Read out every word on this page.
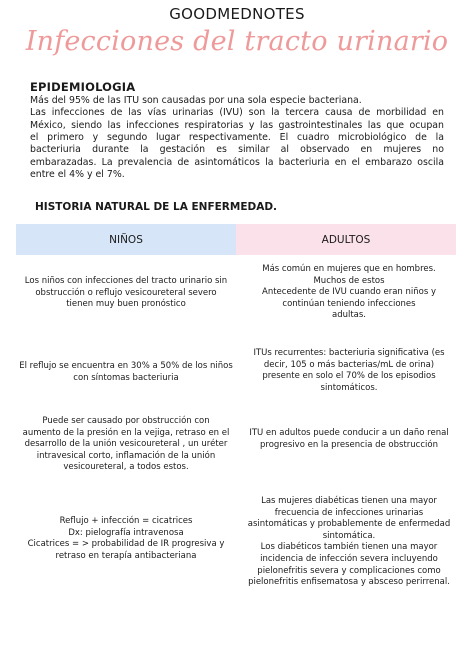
GOODMEDNOTES
Infecciones del tracto urinario
EPIDEMIOLOGIA
Más del 95% de las ITU son causadas por una sola especie bacteriana.
Las infecciones de las vías urinarias (IVU) son la tercera causa de morbilidad en
México, siendo las infecciones respiratorias y las gastrointestinales las que ocupan
el primero y segundo lugar respectivamente. El cuadro microbiológico de la
bacteriuria durante la gestación es similar al observado en mujeres no
embarazadas. La prevalencia de asintomáticos la bacteriuria en el embarazo oscila
entre el 4% y el 7%.
HISTORIA NATURAL DE LA ENFERMEDAD.
NIÑOS	ADULTOS
Los niños con infecciones del tracto urinario sin
obstrucción o reflujo vesicoureteral severo
tienen muy buen pronóstico
El reflujo se encuentra en 30% a 50% de los niños
con síntomas bacteriuria
Puede ser causado por obstrucción con
aumento de la presión en la vejiga, retraso en el
desarrollo de la unión vesicoureteral , un uréter
intravesical corto, inflamación de la unión
vesicoureteral, a todos estos.
Reflujo + infección = cicatrices
Dx: pielografía intravenosa
Cicatrices = > probabilidad de IR progresiva y
retraso en terapía antibacteriana
Más común en mujeres que en hombres.
Muchos de estos
Antecedente de IVU cuando eran niños y
continúan teniendo infecciones
adultas.
ITUs recurrentes: bacteriuria significativa (es
decir, 105 o más bacterias/mL de orina)
presente en solo el 70% de los episodios
sintomáticos.
ITU en adultos puede conducir a un daño renal
progresivo en la presencia de obstrucción
Las mujeres diabéticas tienen una mayor
frecuencia de infecciones urinarias
asintomáticas y probablemente de enfermedad
sintomática.
Los diabéticos también tienen una mayor
incidencia de infección severa incluyendo
pielonefritis severa y complicaciones como
pielonefritis enfisematosa y absceso perirrenal.
